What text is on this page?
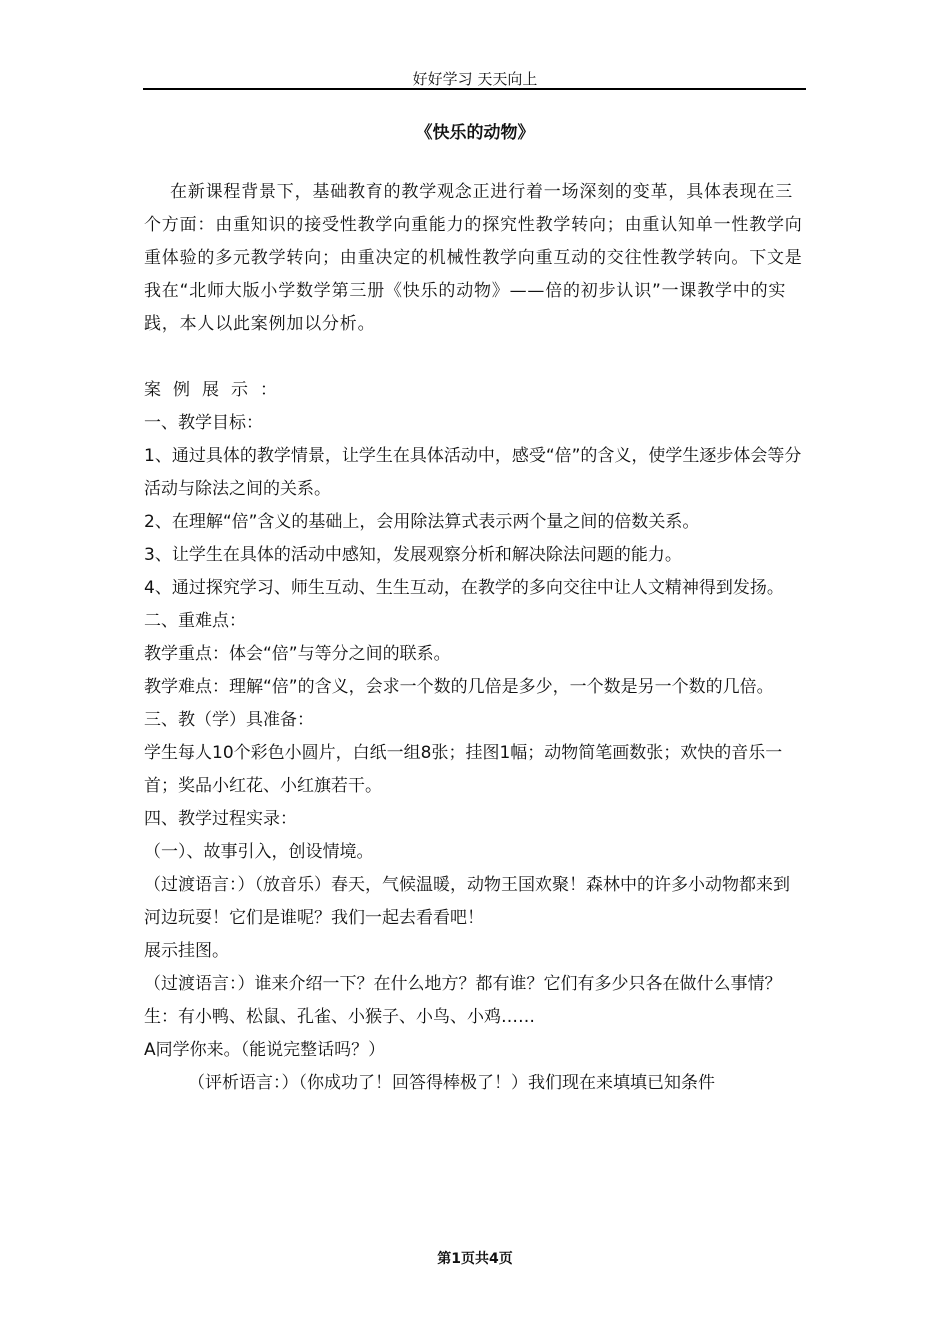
好好学习 天天向上
《快乐的动物》

在新课程背景下，基础教育的教学观念正进行着一场深刻的变革，具体表现在三个方面：由重知识的接受性教学向重能力的探究性教学转向；由重认知单一性教学向重体验的多元教学转向；由重决定的机械性教学向重互动的交往性教学转向。下文是我在“北师大版小学数学第三册《快乐的动物》——倍的初步认识”一课教学中的实践，本人以此案例加以分析。

案例展示：

一、教学目标：

1、通过具体的教学情景，让学生在具体活动中，感受“倍”的含义，使学生逐步体会等分活动与除法之间的关系。

2、在理解“倍”含义的基础上，会用除法算式表示两个量之间的倍数关系。

3、让学生在具体的活动中感知，发展观察分析和解决除法问题的能力。

4、通过探究学习、师生互动、生生互动，在教学的多向交往中让人文精神得到发扬。

二、重难点：

教学重点：体会“倍”与等分之间的联系。

教学难点：理解“倍”的含义，会求一个数的几倍是多少，一个数是另一个数的几倍。

三、教（学）具准备：

学生每人10个彩色小圆片，白纸一组8张；挂图1幅；动物简笔画数张；欢快的音乐一首；奖品小红花、小红旗若干。

四、教学过程实录：

（一）、故事引入，创设情境。

（过渡语言：）（放音乐）春天，气候温暖，动物王国欢聚！森林中的许多小动物都来到河边玩耍！它们是谁呢？我们一起去看看吧！

展示挂图。

（过渡语言：）谁来介绍一下？在什么地方？都有谁？它们有多少只各在做什么事情？

生：有小鸭、松鼠、孔雀、小猴子、小鸟、小鸡……

A同学你来。（能说完整话吗？）

（评析语言：）（你成功了！回答得棒极了！）我们现在来填填已知条件

第1页共4页
